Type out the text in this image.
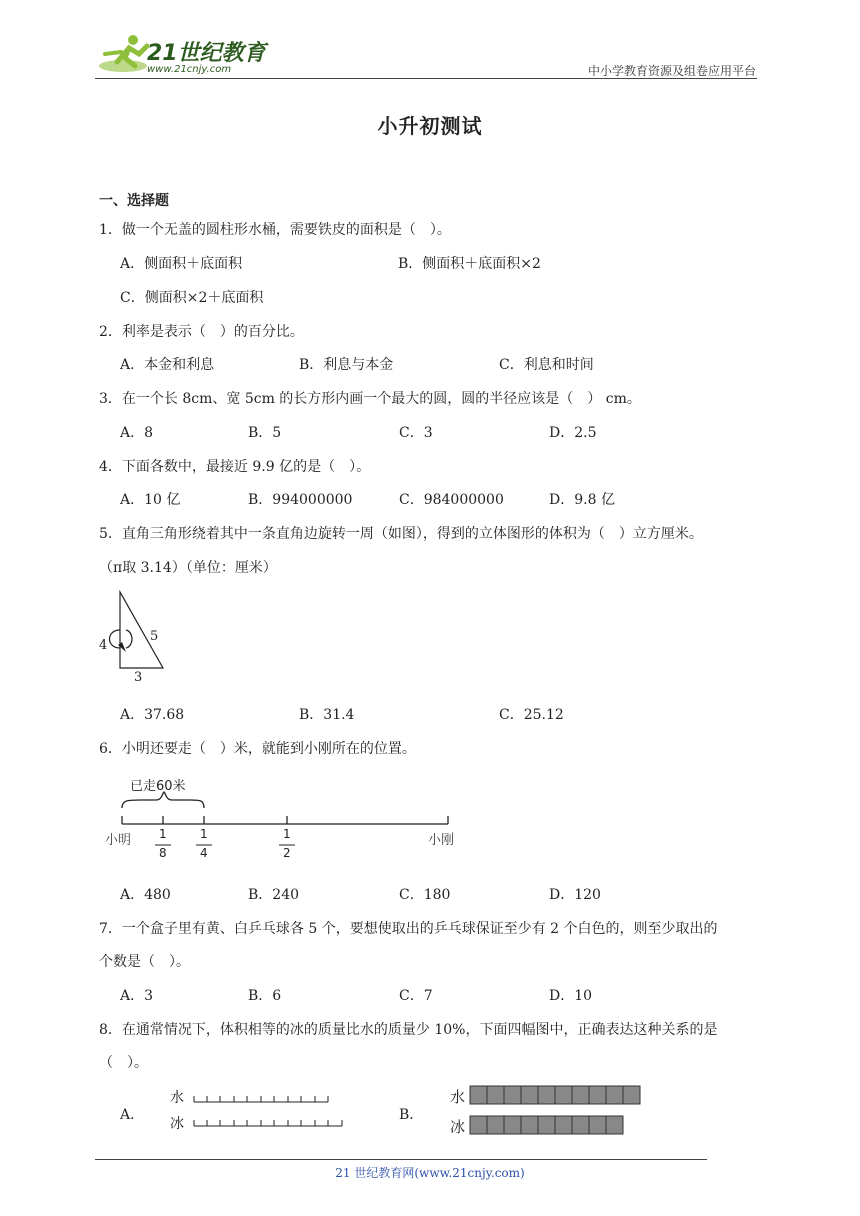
21世纪教育
www.21cnjy.com	中小学教育资源及组卷应用平台
小升初测试
一、选择题
1．做一个无盖的圆柱形水桶，需要铁皮的面积是（　）。
A．侧面积＋底面积	B．侧面积＋底面积×2
C．侧面积×2＋底面积
2．利率是表示（　）的百分比。
A．本金和利息	B．利息与本金	C．利息和时间
3．在一个长 8cm、宽 5cm 的长方形内画一个最大的圆，圆的半径应该是（　） cm。
A．8	B．5	C．3	D．2.5
4．下面各数中，最接近 9.9 亿的是（　）。
A．10 亿	B．994000000	C．984000000	D．9.8 亿
5．直角三角形绕着其中一条直角边旋转一周（如图），得到的立体图形的体积为（　）立方厘米。
（π取 3.14）（单位：厘米）
4
5
3
A．37.68	B．31.4	C．25.12
6．小明还要走（　）米，就能到小刚所在的位置。
已走60米
小明	小刚
1
8
1
4
1
2
A．480	B．240	C．180	D．120
7．一个盒子里有黄、白乒乓球各 5 个，要想使取出的乒乓球保证至少有 2 个白色的，则至少取出的
个数是（　）。
A．3	B．6	C．7	D．10
8．在通常情况下，体积相等的冰的质量比水的质量少 10%，下面四幅图中，正确表达这种关系的是
（　）。
A．
水
冰
B．
水
冰
21 世纪教育网(www.21cnjy.com)
